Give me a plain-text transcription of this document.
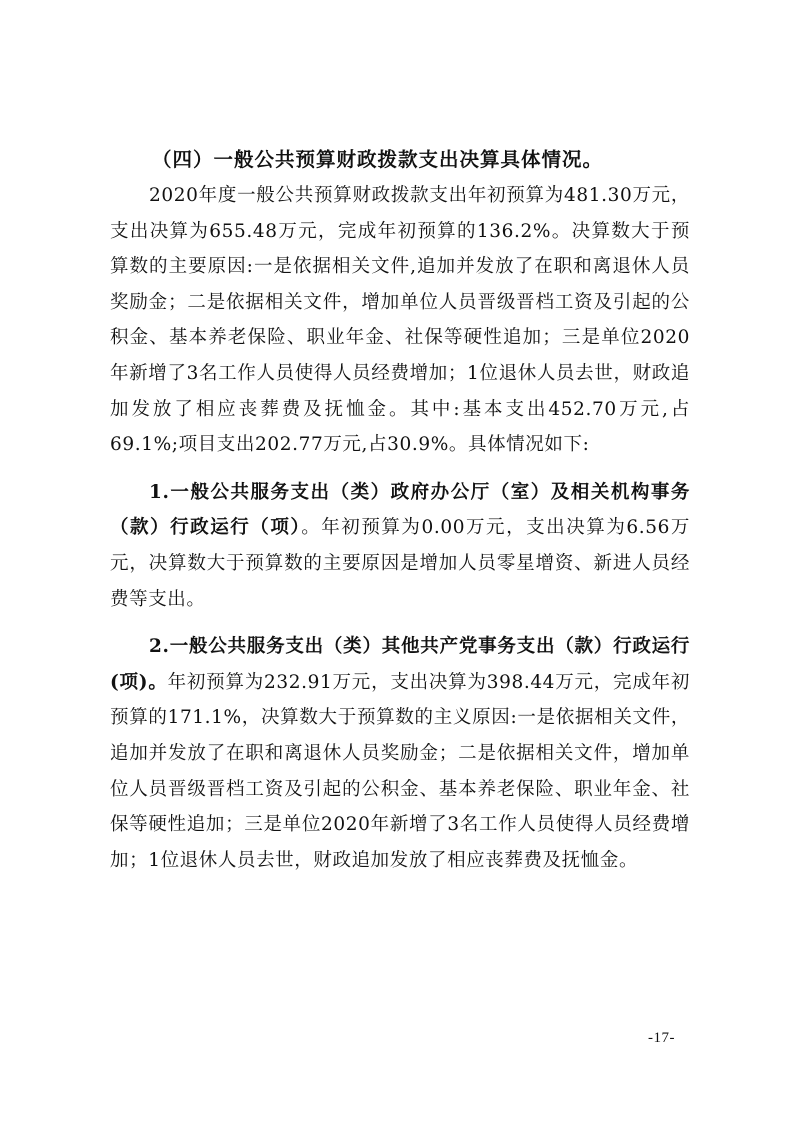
（四）一般公共预算财政拨款支出决算具体情况。

2020年度一般公共预算财政拨款支出年初预算为481.30万元，支出决算为655.48万元，完成年初预算的136.2%。决算数大于预算数的主要原因:一是依据相关文件,追加并发放了在职和离退休人员奖励金；二是依据相关文件，增加单位人员晋级晋档工资及引起的公积金、基本养老保险、职业年金、社保等硬性追加；三是单位2020年新增了3名工作人员使得人员经费增加；1位退休人员去世，财政追加发放了相应丧葬费及抚恤金。其中:基本支出452.70万元,占69.1%;项目支出202.77万元,占30.9%。具体情况如下:

1.一般公共服务支出（类）政府办公厅（室）及相关机构事务（款）行政运行（项）。年初预算为0.00万元，支出决算为6.56万元，决算数大于预算数的主要原因是增加人员零星增资、新进人员经费等支出。

2.一般公共服务支出（类）其他共产党事务支出（款）行政运行(项)。年初预算为232.91万元，支出决算为398.44万元，完成年初预算的171.1%，决算数大于预算数的主义原因:一是依据相关文件，追加并发放了在职和离退休人员奖励金；二是依据相关文件，增加单位人员晋级晋档工资及引起的公积金、基本养老保险、职业年金、社保等硬性追加；三是单位2020年新增了3名工作人员使得人员经费增加；1位退休人员去世，财政追加发放了相应丧葬费及抚恤金。

-17-
